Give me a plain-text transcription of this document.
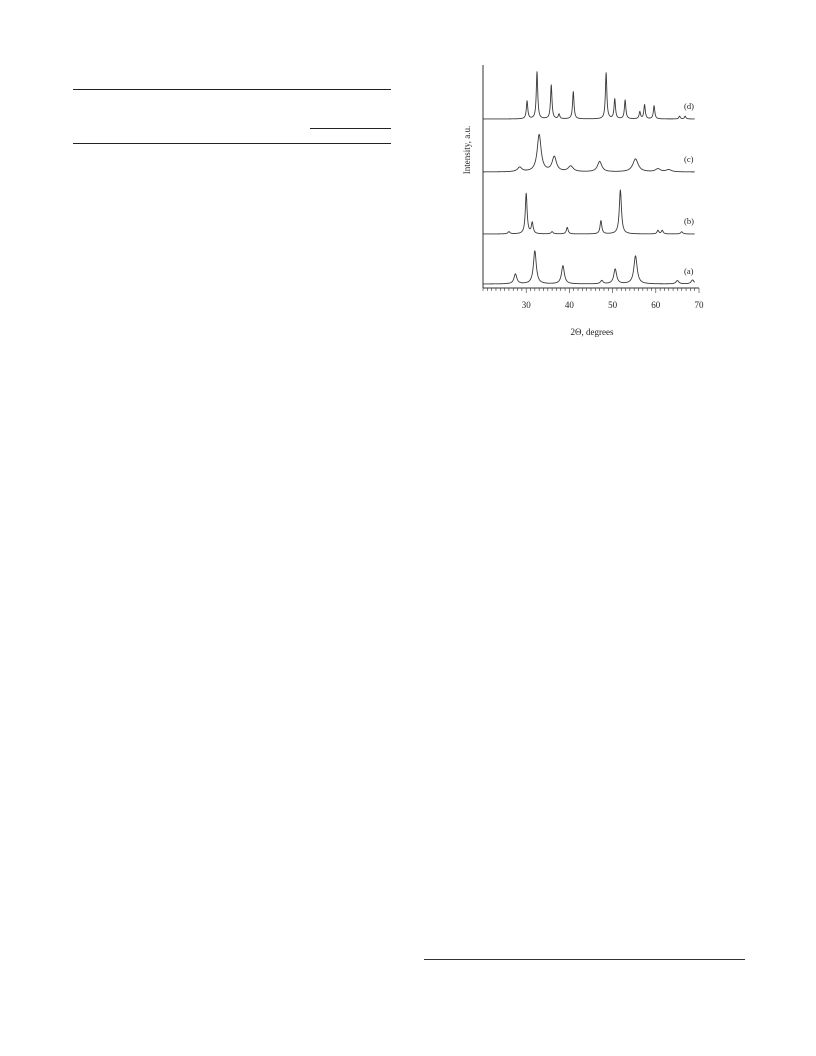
30	40	50	60	70
(a)
(b)
(c)
(d)
Intensity, a.u.
2Θ, degrees
